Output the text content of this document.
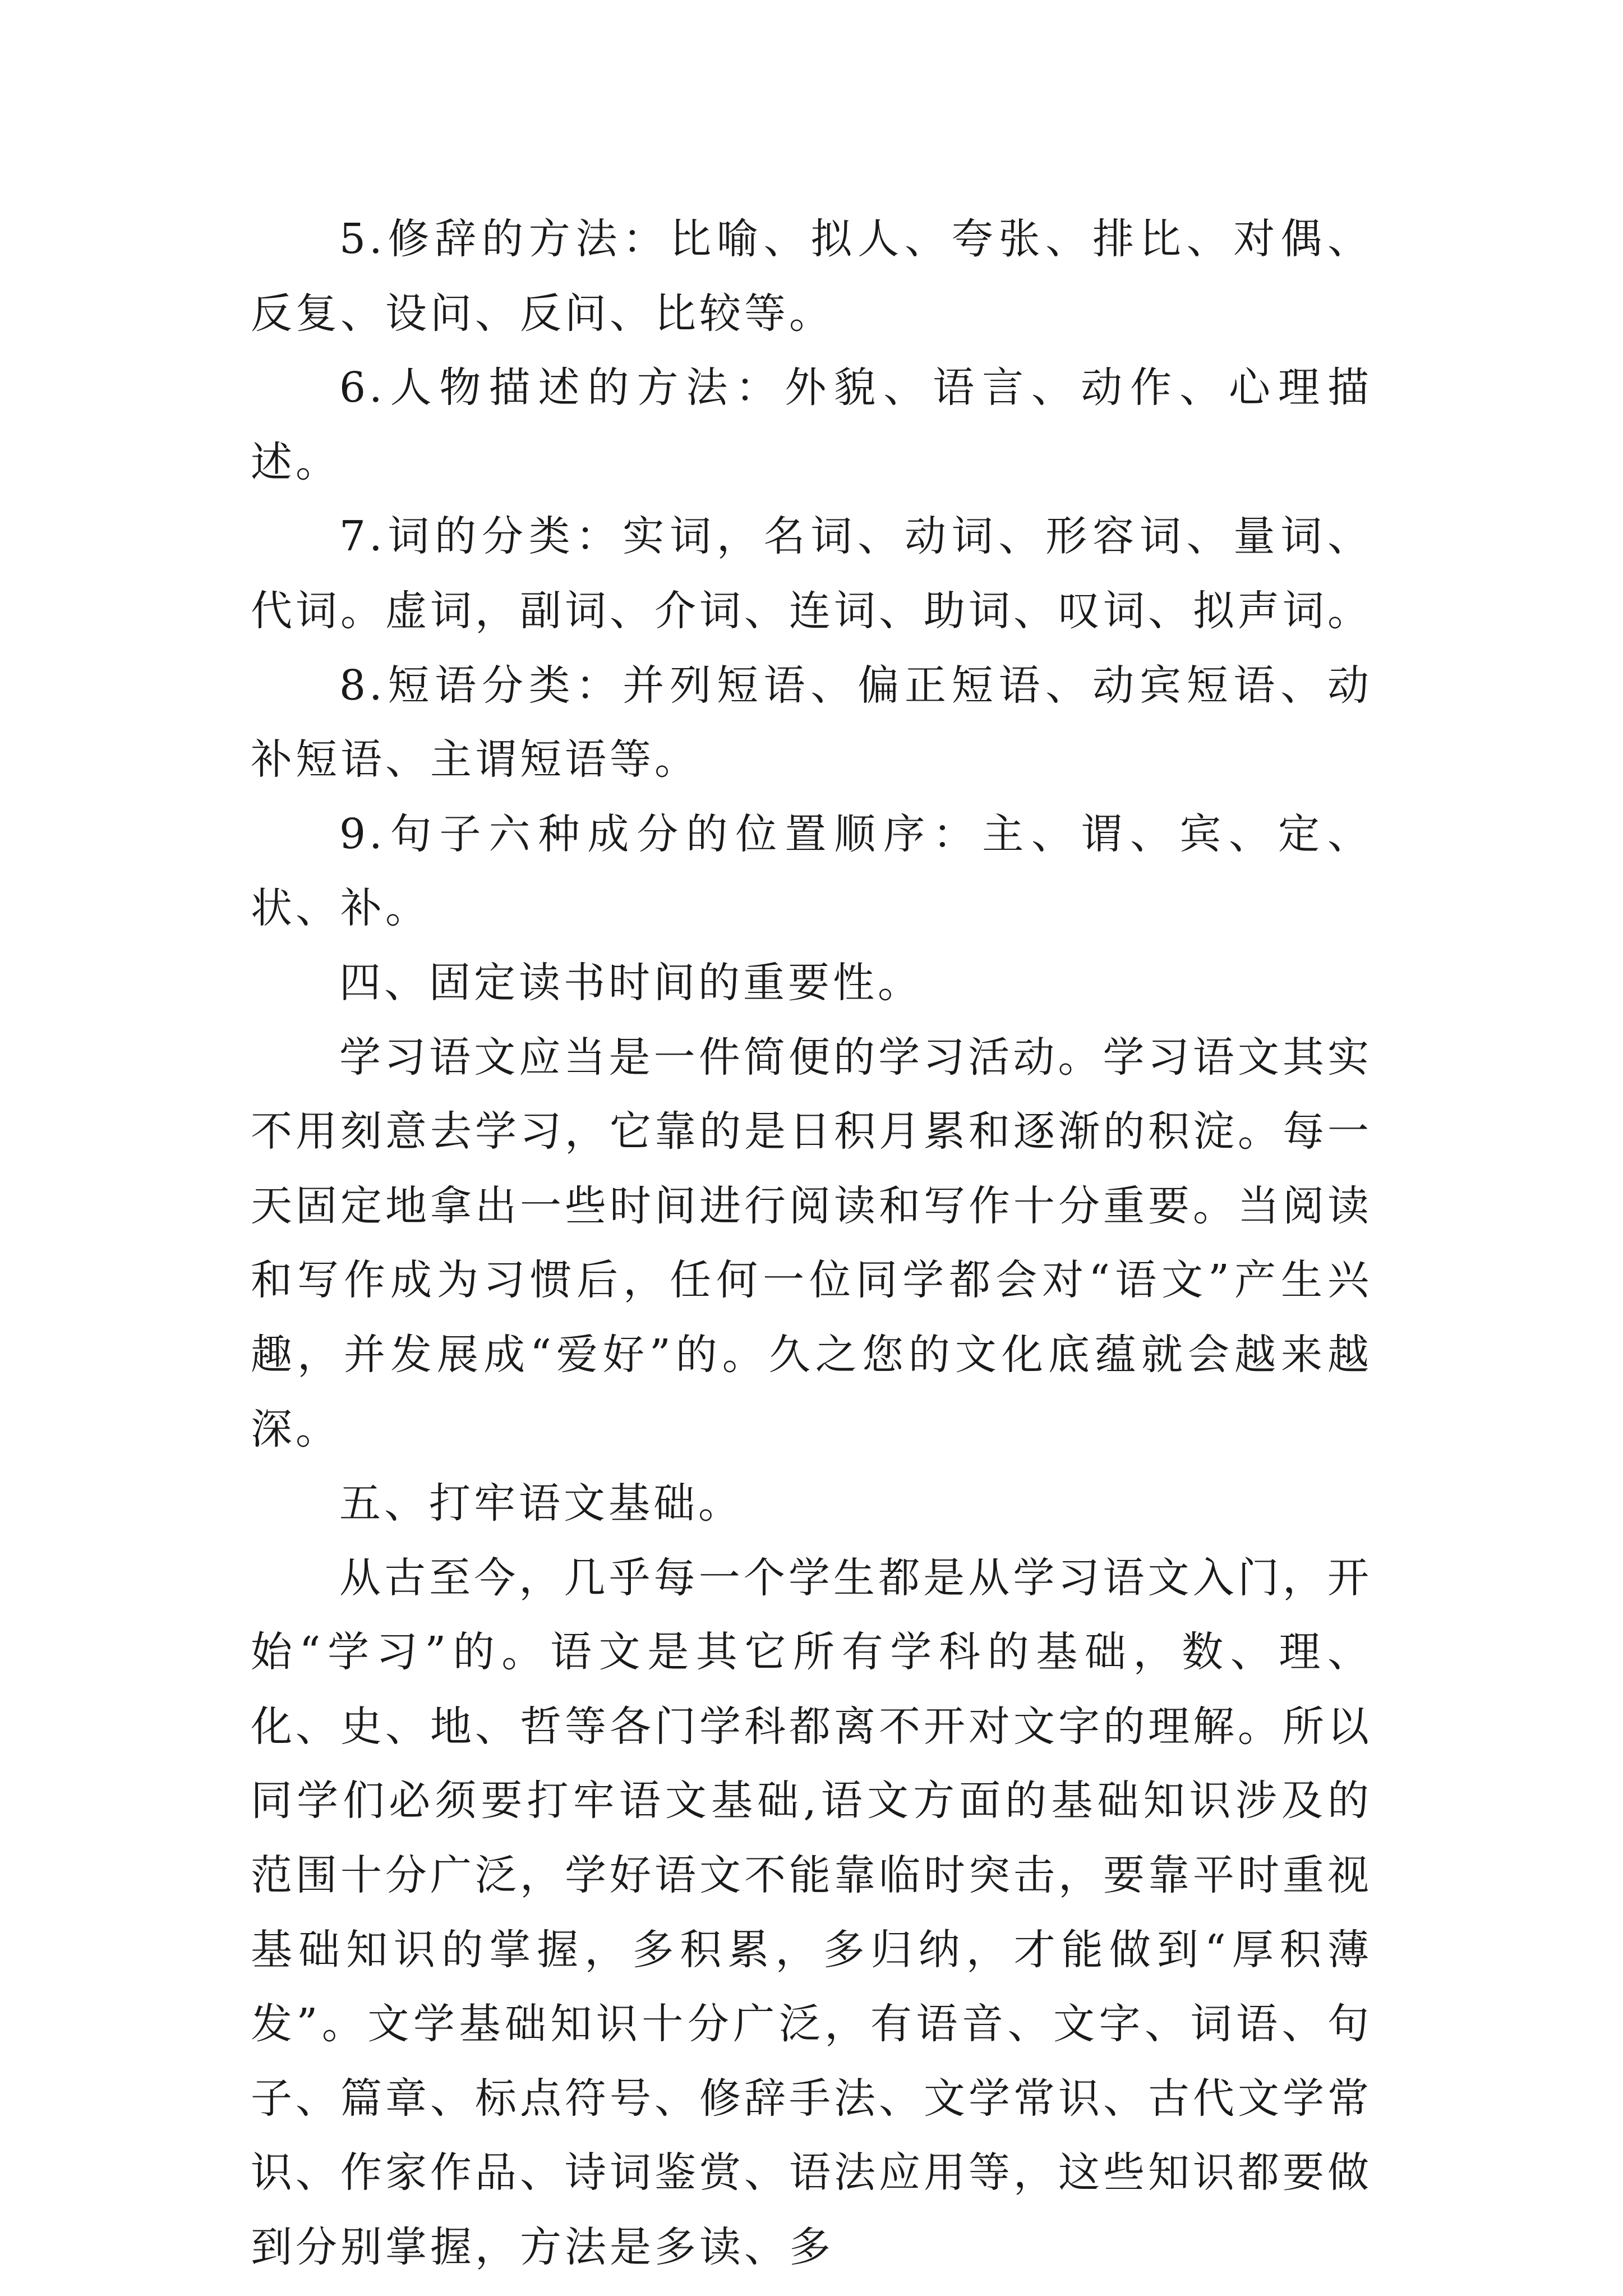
5.修辞的方法：比喻、拟人、夸张、排比、对偶、反复、设问、反问、比较等。

6.人物描述的方法：外貌、语言、动作、心理描述。

7.词的分类：实词，名词、动词、形容词、量词、代词。虚词，副词、介词、连词、助词、叹词、拟声词。

8.短语分类：并列短语、偏正短语、动宾短语、动补短语、主谓短语等。

9.句子六种成分的位置顺序：主、谓、宾、定、状、补。

四、固定读书时间的重要性。

学习语文应当是一件简便的学习活动。学习语文其实不用刻意去学习，它靠的是日积月累和逐渐的积淀。每一天固定地拿出一些时间进行阅读和写作十分重要。当阅读和写作成为习惯后，任何一位同学都会对“语文”产生兴趣，并发展成“爱好”的。久之您的文化底蕴就会越来越深。

五、打牢语文基础。

从古至今，几乎每一个学生都是从学习语文入门，开始“学习”的。语文是其它所有学科的基础，数、理、化、史、地、哲等各门学科都离不开对文字的理解。所以同学们必须要打牢语文基础,语文方面的基础知识涉及的范围十分广泛，学好语文不能靠临时突击，要靠平时重视基础知识的掌握，多积累，多归纳，才能做到“厚积薄发”。文学基础知识十分广泛，有语音、文字、词语、句子、篇章、标点符号、修辞手法、文学常识、古代文学常识、作家作品、诗词鉴赏、语法应用等，这些知识都要做到分别掌握，方法是多读、多
